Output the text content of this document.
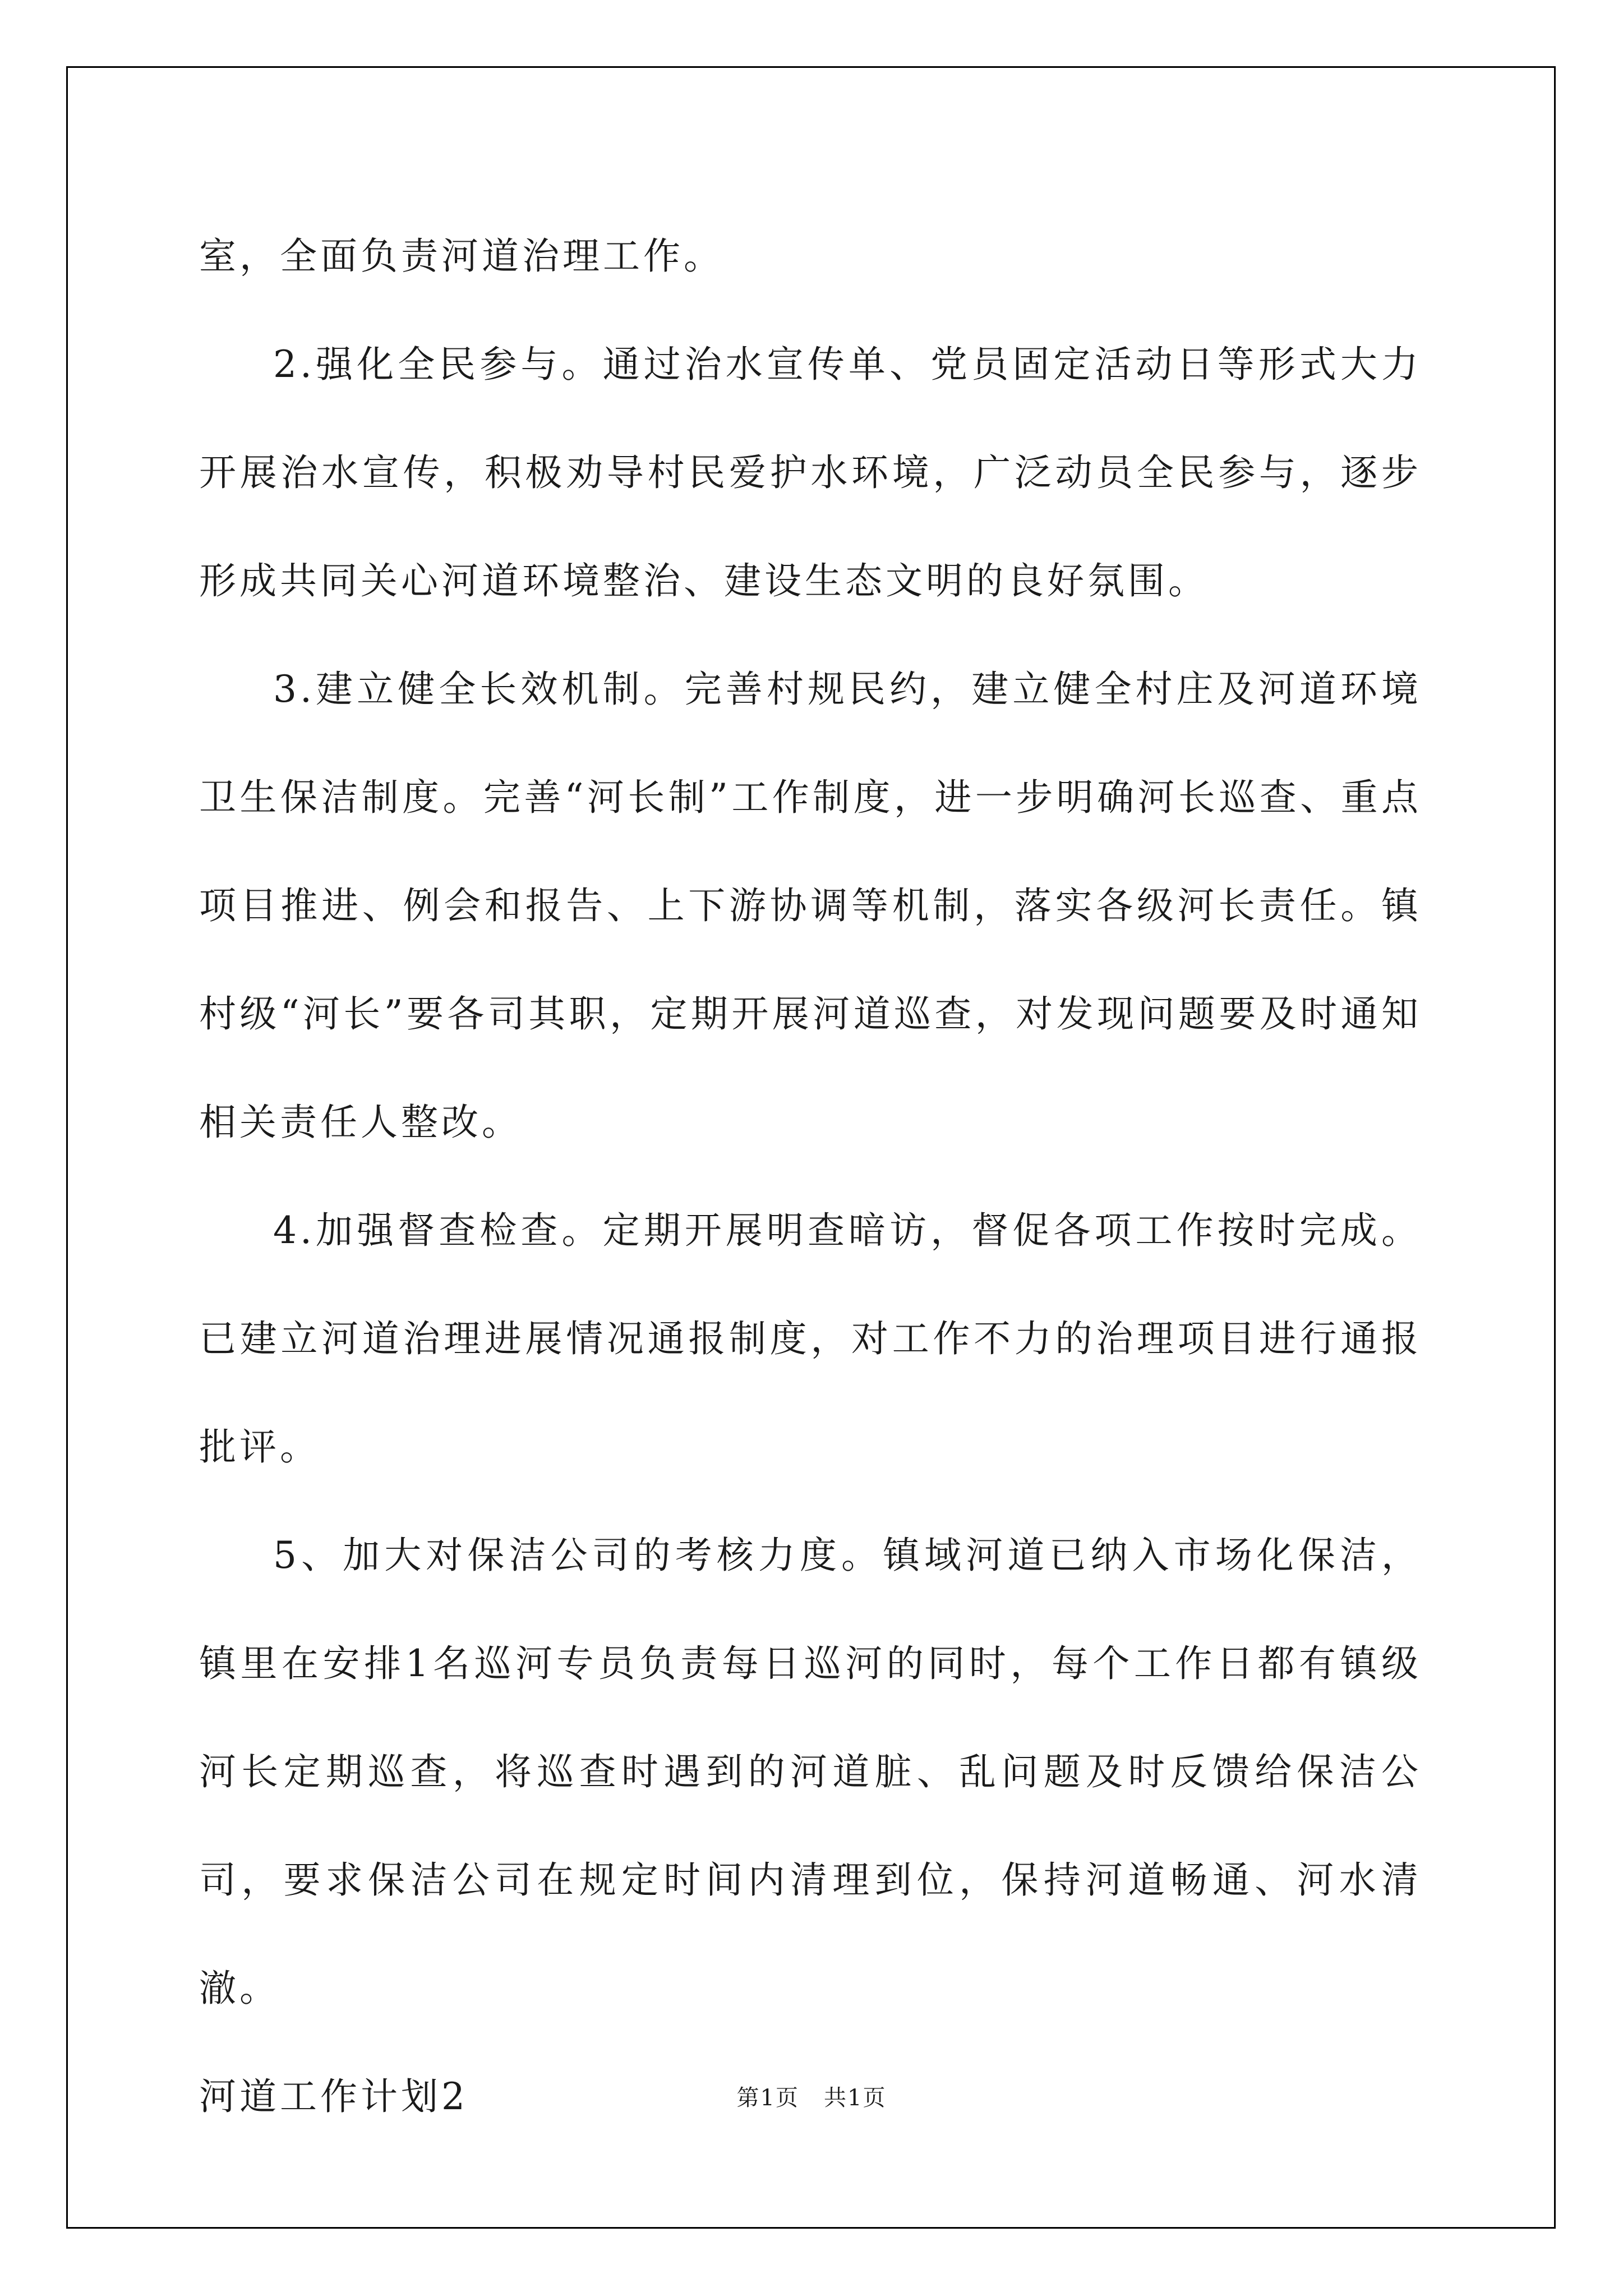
室，全面负责河道治理工作。

2.强化全民参与。通过治水宣传单、党员固定活动日等形式大力开展治水宣传，积极劝导村民爱护水环境，广泛动员全民参与，逐步形成共同关心河道环境整治、建设生态文明的良好氛围。

3.建立健全长效机制。完善村规民约，建立健全村庄及河道环境卫生保洁制度。完善“河长制”工作制度，进一步明确河长巡查、重点项目推进、例会和报告、上下游协调等机制，落实各级河长责任。镇村级“河长”要各司其职，定期开展河道巡查，对发现问题要及时通知相关责任人整改。

4.加强督查检查。定期开展明查暗访，督促各项工作按时完成。已建立河道治理进展情况通报制度，对工作不力的治理项目进行通报批评。

5、加大对保洁公司的考核力度。镇域河道已纳入市场化保洁，镇里在安排1名巡河专员负责每日巡河的同时，每个工作日都有镇级河长定期巡查，将巡查时遇到的河道脏、乱问题及时反馈给保洁公司，要求保洁公司在规定时间内清理到位，保持河道畅通、河水清澈。

河道工作计划2	第1页 共1页
